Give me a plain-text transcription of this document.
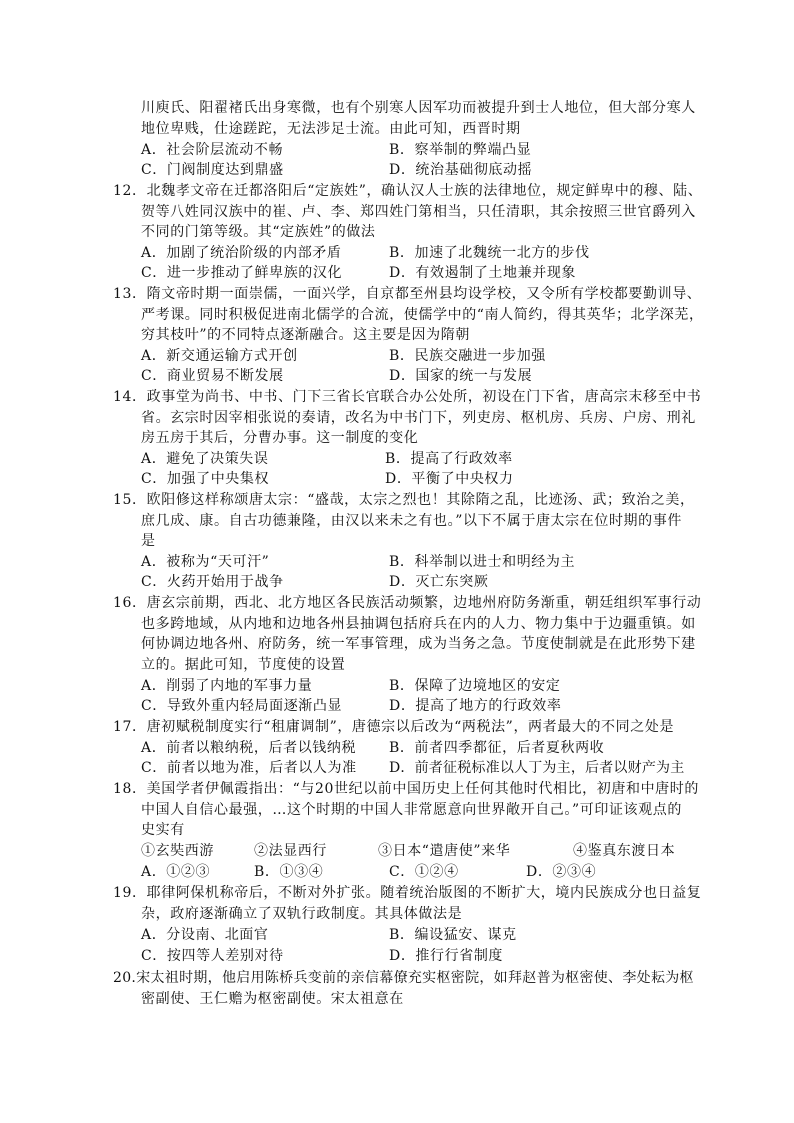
川庾氏、阳翟褚氏出身寒微，也有个别寒人因军功而被提升到士人地位，但大部分寒人
地位卑贱，仕途蹉跎，无法涉足士流。由此可知，西晋时期
A．社会阶层流动不畅	B．察举制的弊端凸显
C．门阀制度达到鼎盛	D．统治基础彻底动摇
12．北魏孝文帝在迁都洛阳后“定族姓”，确认汉人士族的法律地位，规定鲜卑中的穆、陆、
贺等八姓同汉族中的崔、卢、李、郑四姓门第相当，只任清职，其余按照三世官爵列入
不同的门第等级。其“定族姓”的做法
A．加剧了统治阶级的内部矛盾	B．加速了北魏统一北方的步伐
C．进一步推动了鲜卑族的汉化	D．有效遏制了土地兼并现象
13．隋文帝时期一面崇儒，一面兴学，自京都至州县均设学校，又令所有学校都要勤训导、
严考课。同时积极促进南北儒学的合流，使儒学中的“南人简约，得其英华；北学深芜，
穷其枝叶”的不同特点逐渐融合。这主要是因为隋朝
A．新交通运输方式开创	B．民族交融进一步加强
C．商业贸易不断发展	D．国家的统一与发展
14．政事堂为尚书、中书、门下三省长官联合办公处所，初设在门下省，唐高宗末移至中书
省。玄宗时因宰相张说的奏请，改名为中书门下，列吏房、枢机房、兵房、户房、刑礼
房五房于其后，分曹办事。这一制度的变化
A．避免了决策失误	B．提高了行政效率
C．加强了中央集权	D．平衡了中央权力
15．欧阳修这样称颂唐太宗：“盛哉，太宗之烈也！其除隋之乱，比迹汤、武；致治之美，
庶几成、康。自古功德兼隆，由汉以来未之有也。”以下不属于唐太宗在位时期的事件
是
A．被称为“天可汗”	B．科举制以进士和明经为主
C．火药开始用于战争	D．灭亡东突厥
16．唐玄宗前期，西北、北方地区各民族活动频繁，边地州府防务渐重，朝廷组织军事行动
也多跨地域，从内地和边地各州县抽调包括府兵在内的人力、物力集中于边疆重镇。如
何协调边地各州、府防务，统一军事管理，成为当务之急。节度使制就是在此形势下建
立的。据此可知，节度使的设置
A．削弱了内地的军事力量	B．保障了边境地区的安定
C．导致外重内轻局面逐渐凸显	D．提高了地方的行政效率
17．唐初赋税制度实行“租庸调制”，唐德宗以后改为“两税法”，两者最大的不同之处是
A．前者以粮纳税，后者以钱纳税 B．前者四季都征，后者夏秋两收
C．前者以地为准，后者以人为准 D．前者征税标准以人丁为主，后者以财产为主
18．美国学者伊佩霞指出：“与20世纪以前中国历史上任何其他时代相比，初唐和中唐时的
中国人自信心最强，…这个时期的中国人非常愿意向世界敞开自己。”可印证该观点的
史实有
①玄奘西游	②法显西行	③日本“遣唐使”来华	④鉴真东渡日本
A．①②③	B．①③④	C．①②④	D．②③④
19．耶律阿保机称帝后，不断对外扩张。随着统治版图的不断扩大，境内民族成分也日益复
杂，政府逐渐确立了双轨行政制度。其具体做法是
A．分设南、北面官	B．编设猛安、谋克
C．按四等人差别对待	D．推行行省制度
20.宋太祖时期，他启用陈桥兵变前的亲信幕僚充实枢密院，如拜赵普为枢密使、李处耘为枢
密副使、王仁赡为枢密副使。宋太祖意在
